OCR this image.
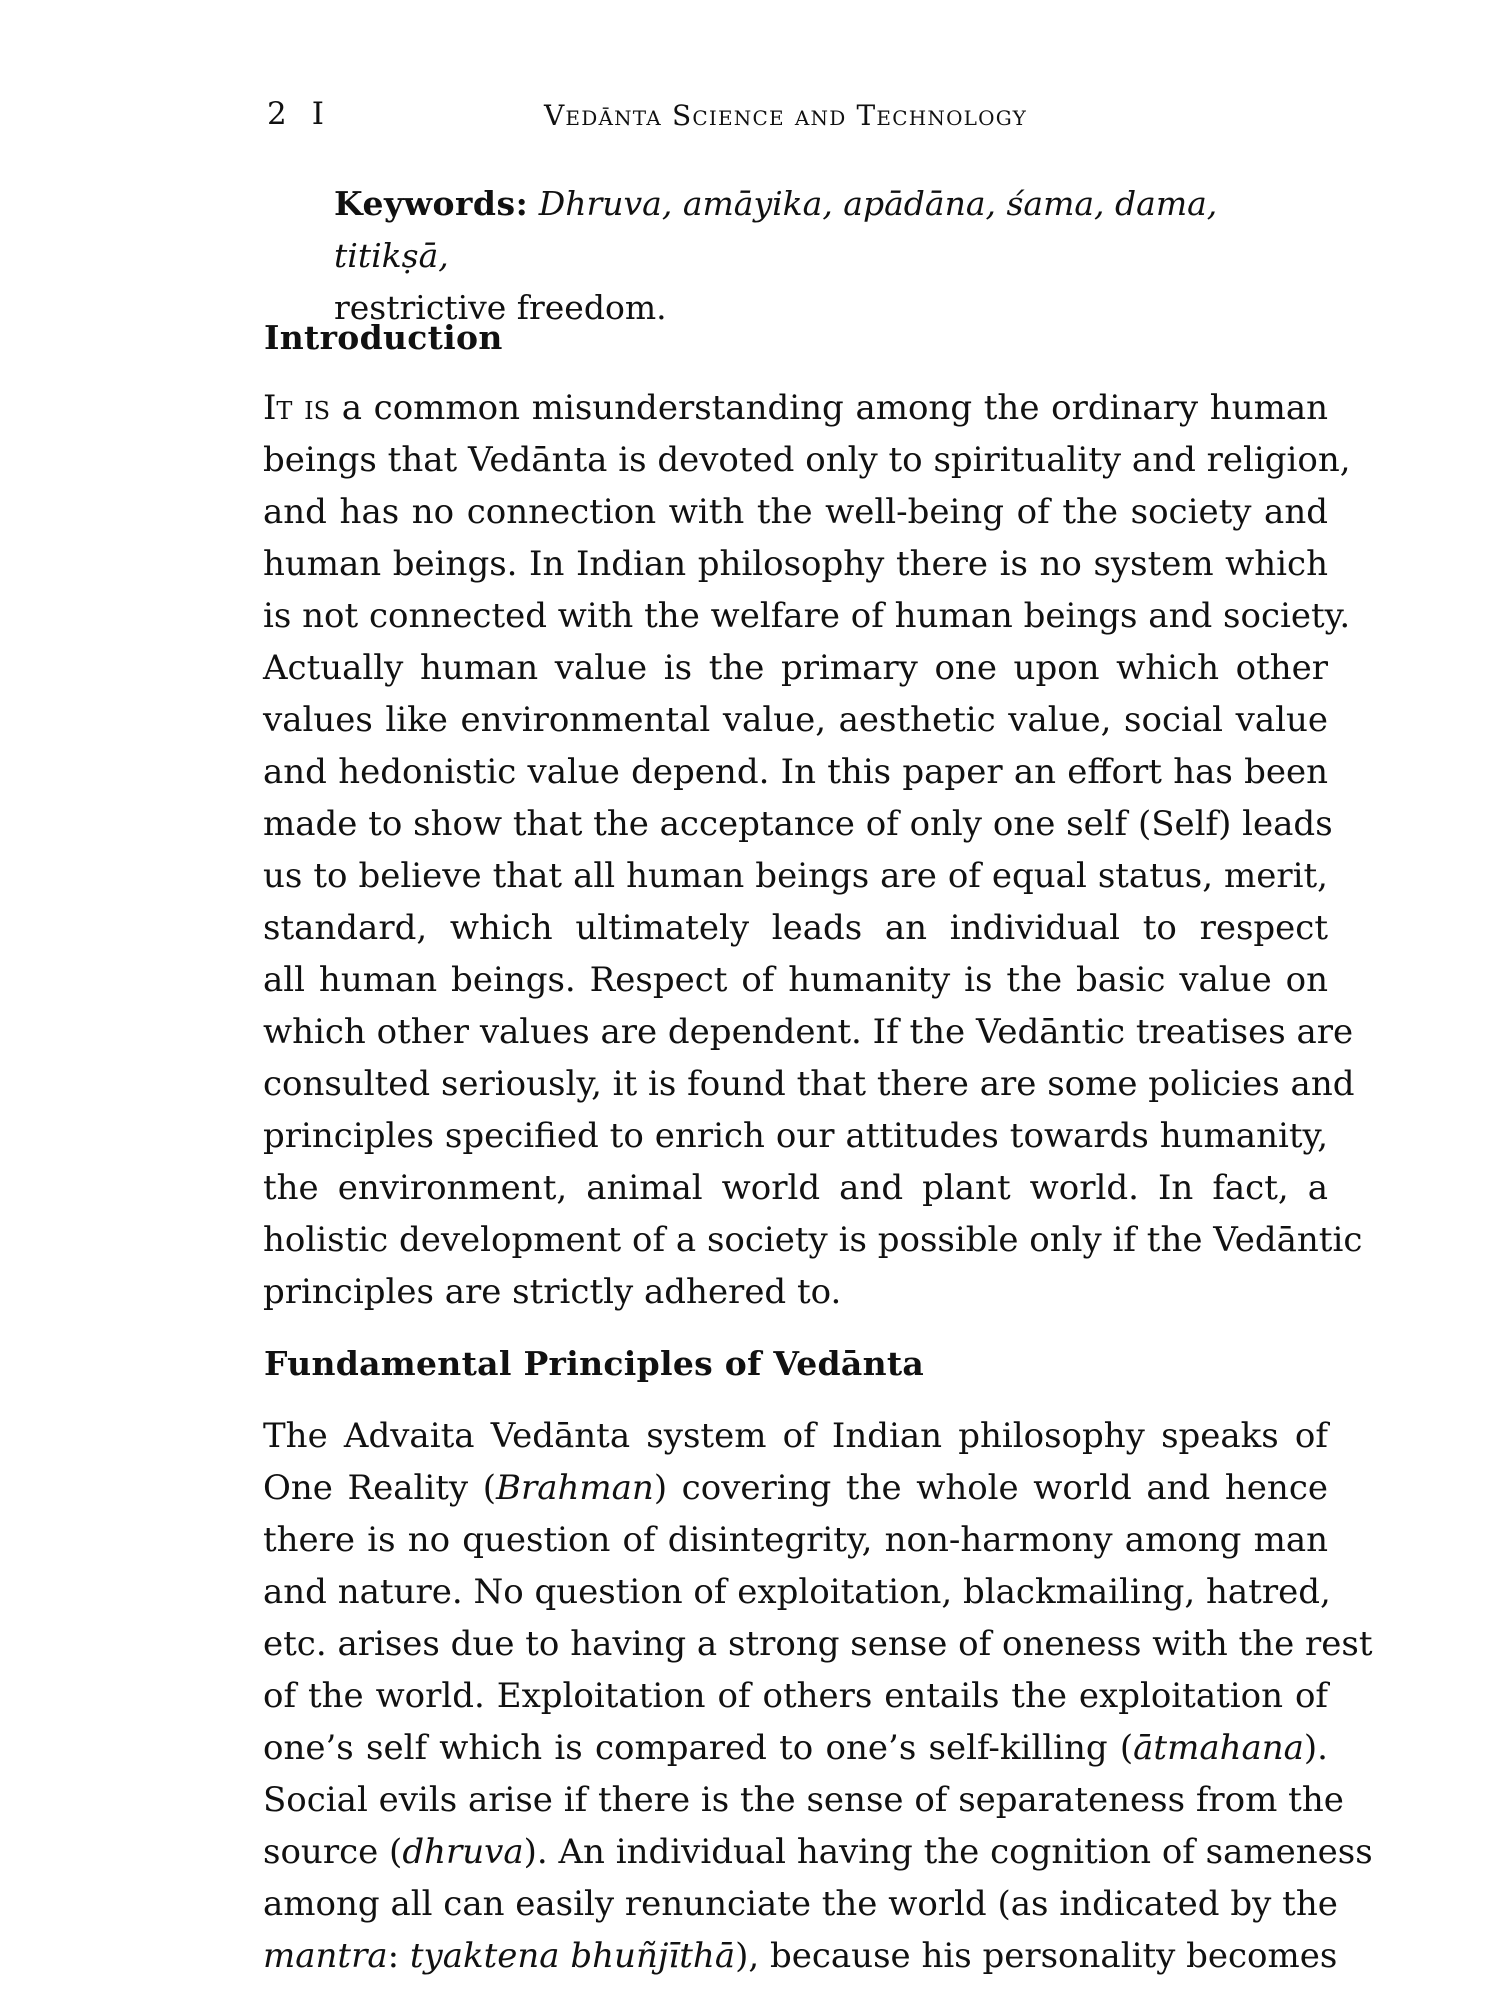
2 I	Vedānta Science and Technology
Keywords: Dhruva, amāyika, apādāna, śama, dama, titikṣā,
restrictive freedom.
Introduction
It is a common misunderstanding among the ordinary human
beings that Vedānta is devoted only to spirituality and religion,
and has no connection with the well-being of the society and
human beings. In Indian philosophy there is no system which
is not connected with the welfare of human beings and society.
Actually human value is the primary one upon which other
values like environmental value, aesthetic value, social value
and hedonistic value depend. In this paper an effort has been
made to show that the acceptance of only one self (Self) leads
us to believe that all human beings are of equal status, merit,
standard, which ultimately leads an individual to respect
all human beings. Respect of humanity is the basic value on
which other values are dependent. If the Vedāntic treatises are
consulted seriously, it is found that there are some policies and
principles specified to enrich our attitudes towards humanity,
the environment, animal world and plant world. In fact, a
holistic development of a society is possible only if the Vedāntic
principles are strictly adhered to.
Fundamental Principles of Vedānta
The Advaita Vedānta system of Indian philosophy speaks of
One Reality (Brahman) covering the whole world and hence
there is no question of disintegrity, non-harmony among man
and nature. No question of exploitation, blackmailing, hatred,
etc. arises due to having a strong sense of oneness with the rest
of the world. Exploitation of others entails the exploitation of
one’s self which is compared to one’s self-killing (ātmahana).
Social evils arise if there is the sense of separateness from the
source (dhruva). An individual having the cognition of sameness
among all can easily renunciate the world (as indicated by the
mantra: tyaktena bhuñjīthā), because his personality becomes
